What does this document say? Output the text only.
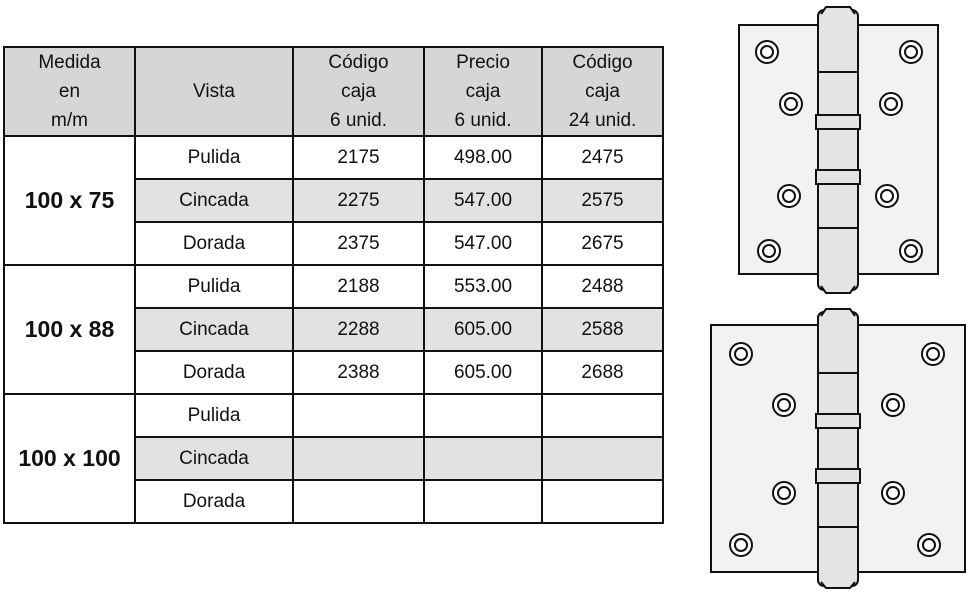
Medida
en
m/m	Vista	Código
caja
6 unid.	Precio
caja
6 unid.	Código
caja
24 unid.

100 x 75	Pulida	2175	498.00	2475
	Cincada	2275	547.00	2575
	Dorada	2375	547.00	2675
100 x 88	Pulida	2188	553.00	2488
	Cincada	2288	605.00	2588
	Dorada	2388	605.00	2688
100 x 100	Pulida			
	Cincada			
	Dorada			
